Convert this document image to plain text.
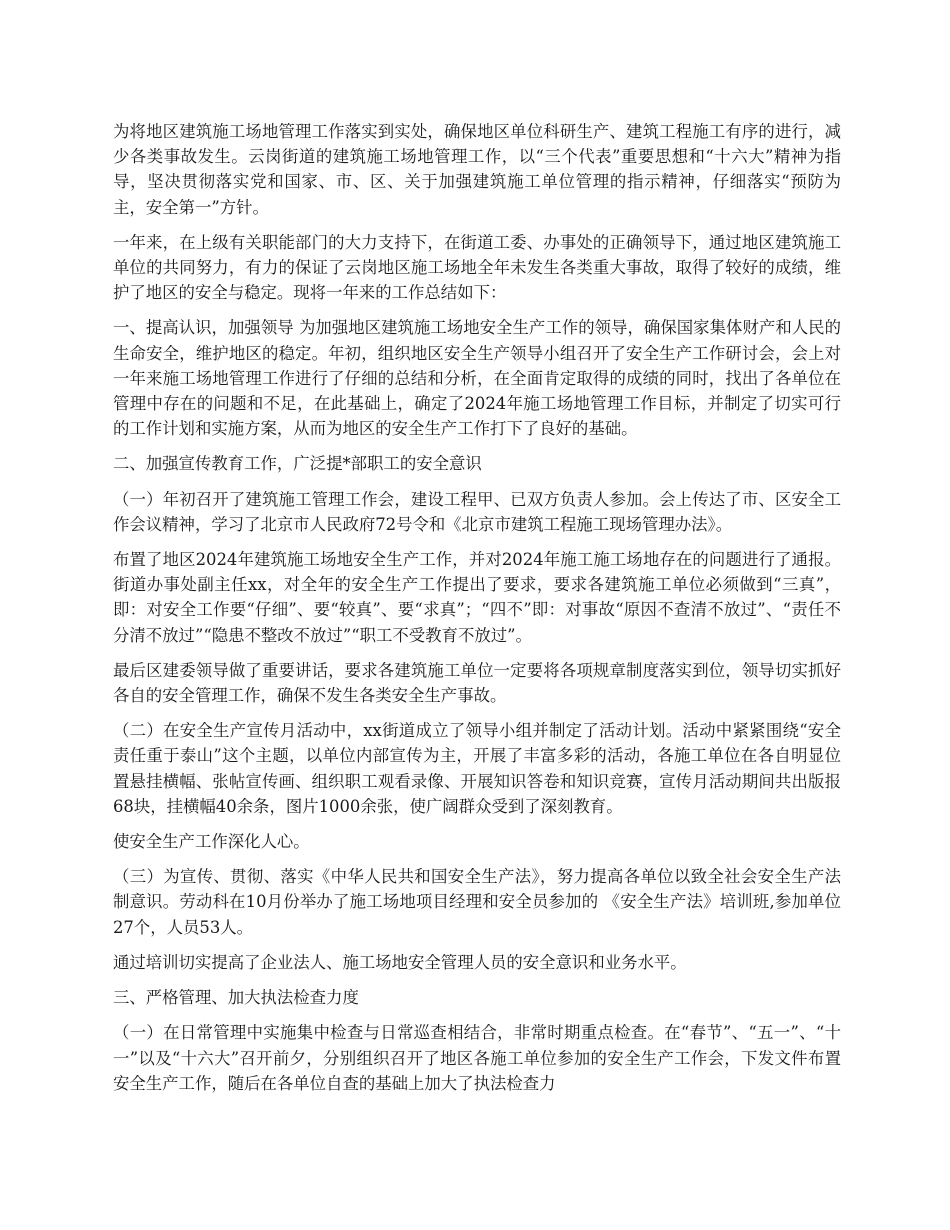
为将地区建筑施工场地管理工作落实到实处，确保地区单位科研生产、建筑工程施工有序的进行，减少各类事故发生。云岗街道的建筑施工场地管理工作，以“三个代表”重要思想和“十六大”精神为指导，坚决贯彻落实党和国家、市、区、关于加强建筑施工单位管理的指示精神，仔细落实“预防为主，安全第一”方针。

一年来，在上级有关职能部门的大力支持下，在街道工委、办事处的正确领导下，通过地区建筑施工单位的共同努力，有力的保证了云岗地区施工场地全年未发生各类重大事故，取得了较好的成绩，维护了地区的安全与稳定。现将一年来的工作总结如下：

一、提高认识，加强领导 为加强地区建筑施工场地安全生产工作的领导，确保国家集体财产和人民的生命安全，维护地区的稳定。年初，组织地区安全生产领导小组召开了安全生产工作研讨会，会上对一年来施工场地管理工作进行了仔细的总结和分析，在全面肯定取得的成绩的同时，找出了各单位在管理中存在的问题和不足，在此基础上，确定了2024年施工场地管理工作目标，并制定了切实可行的工作计划和实施方案，从而为地区的安全生产工作打下了良好的基础。

二、加强宣传教育工作，广泛提*部职工的安全意识

（一）年初召开了建筑施工管理工作会，建设工程甲、已双方负责人参加。会上传达了市、区安全工作会议精神，学习了北京市人民政府72号令和《北京市建筑工程施工现场管理办法》。

布置了地区2024年建筑施工场地安全生产工作，并对2024年施工施工场地存在的问题进行了通报。街道办事处副主任xx，对全年的安全生产工作提出了要求，要求各建筑施工单位必须做到“三真”，即：对安全工作要“仔细”、要“较真”、要“求真”；“四不”即：对事故“原因不查清不放过”、“责任不分清不放过”“隐患不整改不放过”“职工不受教育不放过”。

最后区建委领导做了重要讲话，要求各建筑施工单位一定要将各项规章制度落实到位，领导切实抓好各自的安全管理工作，确保不发生各类安全生产事故。

（二）在安全生产宣传月活动中，xx街道成立了领导小组并制定了活动计划。活动中紧紧围绕“安全责任重于泰山”这个主题，以单位内部宣传为主，开展了丰富多彩的活动，各施工单位在各自明显位置悬挂横幅、张帖宣传画、组织职工观看录像、开展知识答卷和知识竞赛，宣传月活动期间共出版报68块，挂横幅40余条，图片1000余张，使广阔群众受到了深刻教育。

使安全生产工作深化人心。

（三）为宣传、贯彻、落实《中华人民共和国安全生产法》，努力提高各单位以致全社会安全生产法制意识。劳动科在10月份举办了施工场地项目经理和安全员参加的 《安全生产法》培训班,参加单位27个，人员53人。

通过培训切实提高了企业法人、施工场地安全管理人员的安全意识和业务水平。

三、严格管理、加大执法检查力度

（一）在日常管理中实施集中检查与日常巡查相结合，非常时期重点检查。在“春节”、“五一”、“十一”以及“十六大”召开前夕，分别组织召开了地区各施工单位参加的安全生产工作会，下发文件布置安全生产工作，随后在各单位自查的基础上加大了执法检查力
